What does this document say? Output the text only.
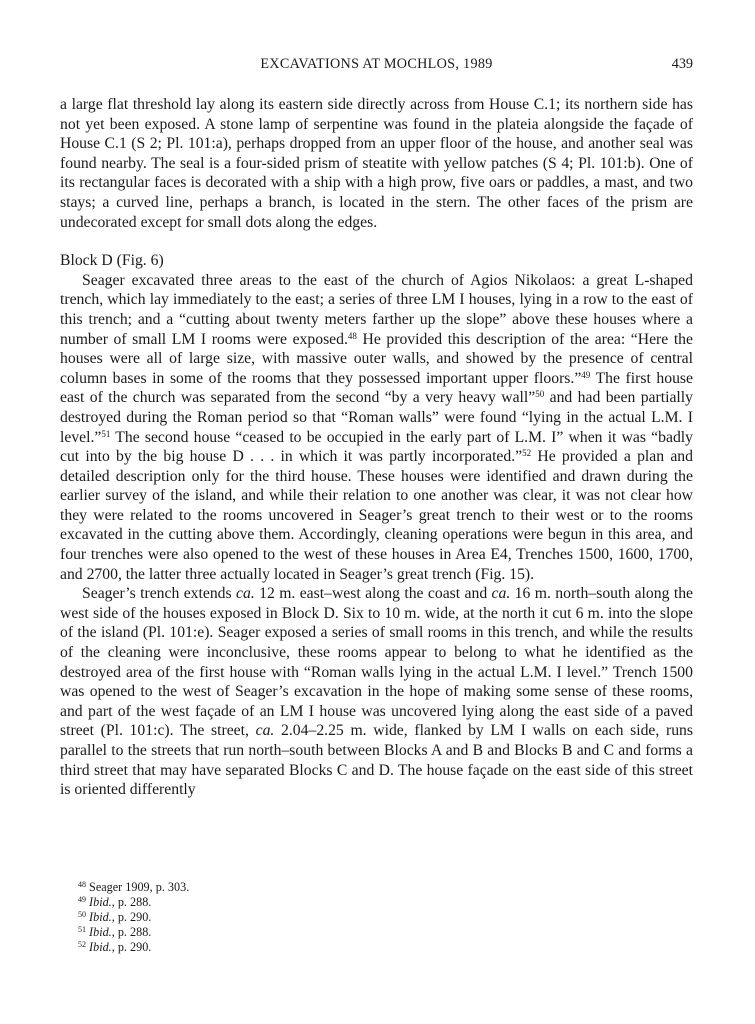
EXCAVATIONS AT MOCHLOS, 1989	439

a large flat threshold lay along its eastern side directly across from House C.1; its northern side has not yet been exposed. A stone lamp of serpentine was found in the plateia alongside the façade of House C.1 (S 2; Pl. 101:a), perhaps dropped from an upper floor of the house, and another seal was found nearby. The seal is a four-sided prism of steatite with yellow patches (S 4; Pl. 101:b). One of its rectangular faces is decorated with a ship with a high prow, five oars or paddles, a mast, and two stays; a curved line, perhaps a branch, is located in the stern. The other faces of the prism are undecorated except for small dots along the edges.

Block D (Fig. 6)

Seager excavated three areas to the east of the church of Agios Nikolaos: a great L-shaped trench, which lay immediately to the east; a series of three LM I houses, lying in a row to the east of this trench; and a “cutting about twenty meters farther up the slope” above these houses where a number of small LM I rooms were exposed.$^{48}$ He provided this description of the area: “Here the houses were all of large size, with massive outer walls, and showed by the presence of central column bases in some of the rooms that they possessed important upper floors.”$^{49}$ The first house east of the church was separated from the second “by a very heavy wall”$^{50}$ and had been partially destroyed during the Roman period so that “Roman walls” were found “lying in the actual L.M. I level.”$^{51}$ The second house “ceased to be occupied in the early part of L.M. I” when it was “badly cut into by the big house D . . . in which it was partly incorporated.”$^{52}$ He provided a plan and detailed description only for the third house. These houses were identified and drawn during the earlier survey of the island, and while their relation to one another was clear, it was not clear how they were related to the rooms uncovered in Seager’s great trench to their west or to the rooms excavated in the cutting above them. Accordingly, cleaning operations were begun in this area, and four trenches were also opened to the west of these houses in Area E4, Trenches 1500, 1600, 1700, and 2700, the latter three actually located in Seager’s great trench (Fig. 15).

Seager’s trench extends ca. 12 m. east–west along the coast and ca. 16 m. north–south along the west side of the houses exposed in Block D. Six to 10 m. wide, at the north it cut 6 m. into the slope of the island (Pl. 101:e). Seager exposed a series of small rooms in this trench, and while the results of the cleaning were inconclusive, these rooms appear to belong to what he identified as the destroyed area of the first house with “Roman walls lying in the actual L.M. I level.” Trench 1500 was opened to the west of Seager’s excavation in the hope of making some sense of these rooms, and part of the west façade of an LM I house was uncovered lying along the east side of a paved street (Pl. 101:c). The street, ca. 2.04–2.25 m. wide, flanked by LM I walls on each side, runs parallel to the streets that run north–south between Blocks A and B and Blocks B and C and forms a third street that may have separated Blocks C and D. The house façade on the east side of this street is oriented differently

$^{48}$ Seager 1909, p. 303.

$^{49}$ Ibid., p. 288.

$^{50}$ Ibid., p. 290.

$^{51}$ Ibid., p. 288.

$^{52}$ Ibid., p. 290.
